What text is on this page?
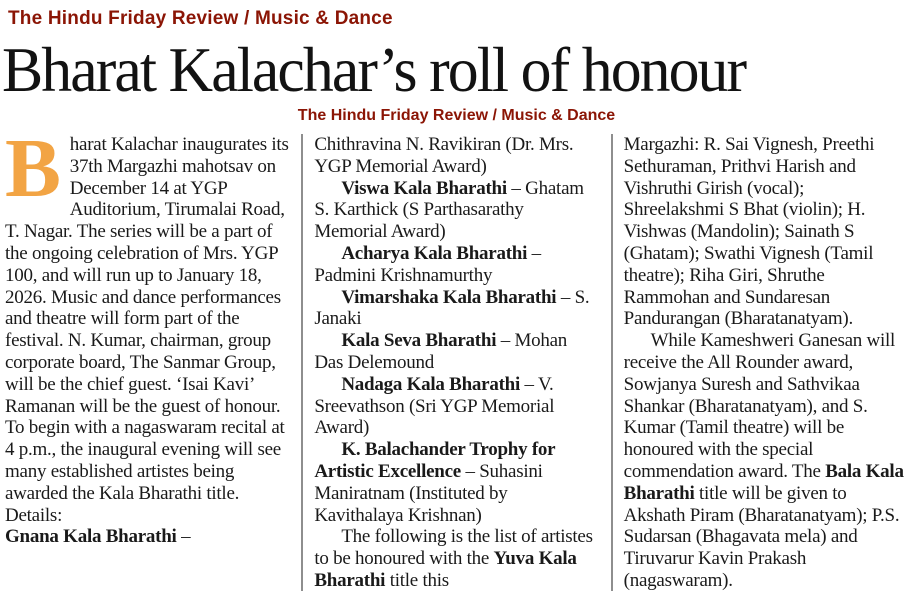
The Hindu Friday Review / Music & Dance
Bharat Kalachar’s roll of honour
The Hindu Friday Review / Music & Dance

Bharat Kalachar inaugurates its 37th Margazhi mahotsav on December 14 at YGP Auditorium, Tirumalai Road, T. Nagar. The series will be a part of the ongoing celebration of Mrs. YGP 100, and will run up to January 18, 2026. Music and dance performances and theatre will form part of the festival. N. Kumar, chairman, group corporate board, The Sanmar Group, will be the chief guest. ‘Isai Kavi’ Ramanan will be the guest of honour. To begin with a nagaswaram recital at 4 p.m., the inaugural evening will see many established artistes being awarded the Kala Bharathi title. Details:

Gnana Kala Bharathi –

Chithravina N. Ravikiran (Dr. Mrs. YGP Memorial Award)

Viswa Kala Bharathi – Ghatam S. Karthick (S Parthasarathy Memorial Award)

Acharya Kala Bharathi – Padmini Krishnamurthy

Vimarshaka Kala Bharathi – S. Janaki

Kala Seva Bharathi – Mohan Das Delemound

Nadaga Kala Bharathi – V. Sreevathson (Sri YGP Memorial Award)

K. Balachander Trophy for Artistic Excellence – Suhasini Maniratnam (Instituted by Kavithalaya Krishnan)

The following is the list of artistes to be honoured with the Yuva Kala Bharathi title this

Margazhi: R. Sai Vignesh, Preethi Sethuraman, Prithvi Harish and Vishruthi Girish (vocal); Shreelakshmi S Bhat (violin); H. Vishwas (Mandolin); Sainath S (Ghatam); Swathi Vignesh (Tamil theatre); Riha Giri, Shruthe Rammohan and Sundaresan Pandurangan (Bharatanatyam).

While Kameshweri Ganesan will receive the All Rounder award, Sowjanya Suresh and Sathvikaa Shankar (Bharatanatyam), and S. Kumar (Tamil theatre) will be honoured with the special commendation award. The Bala Kala Bharathi title will be given to Akshath Piram (Bharatanatyam); P.S. Sudarsan (Bhagavata mela) and Tiruvarur Kavin Prakash (nagaswaram).
